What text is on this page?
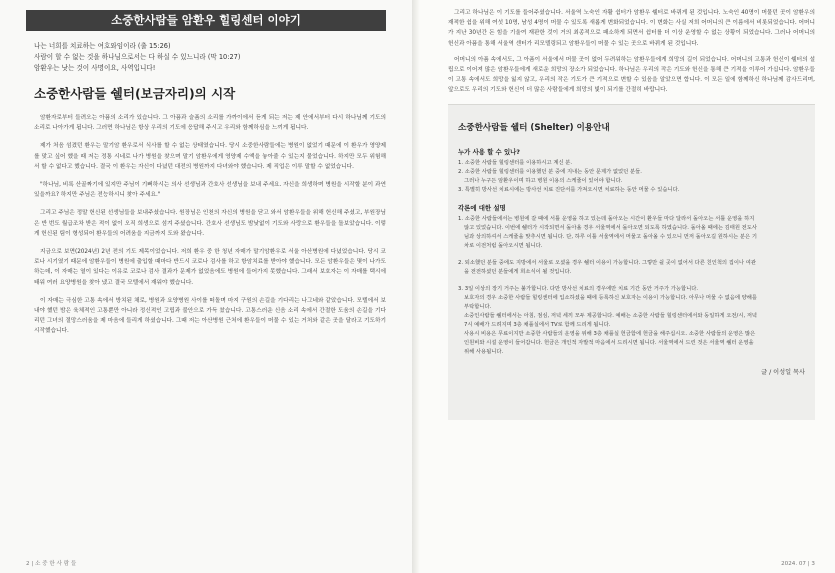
소중한사람들 암환우 힐링센터 이야기
나는 너희를 치료하는 여호와임이라 (출 15:26)
사람이 할 수 없는 것을 하나님으로서는 다 하실 수 있느니라 (막 10:27)
암환우는 낫는 것이 사명이요, 사역입니다!
소중한사람들 쉘터(보금자리)의 시작

암환자로부터 들려오는 아픔의 소리가 있습니다. 그 아픔과 슬픔의 소리를 가까이에서 듣게 되는 저는 제 안에서부터 다시 하나님께 기도의 소리로 나아가게 됩니다. 그러면 하나님은 항상 우리의 기도에 응답해 주시고 우리와 함께하심을 느끼게 됩니다.

제가 처음 섬겼던 환우는 말기암 환우로서 식사를 할 수 없는 상태였습니다. 당시 소중한사람들에는 병원이 없었기 때문에 이 환우가 영양제를 맞고 싶어 했을 때 저는 정통 시네로 나가 병원을 찾으며 말기 암환우에게 영양제 수액을 놓아줄 수 있는지 물었습니다. 하지만 모두 위험해서 할 수 없다고 했습니다. 결국 이 환우는 자신이 다녔던 대전의 병원까지 다녀와야 했습니다. 제 직업은 이루 말할 수 없었습니다.

"하나님, 비록 산골짜기에 있지만 주님이 기뻐하시는 의사 선생님과 간호사 선생님을 보내 주세요. 자신을 희생하며 병원을 시작할 분이 과연 있을까요? 하지만 주님은 전능하시니 찾아 주세요."

그리고 주님은 정말 헌신된 선생님들을 보내주셨습니다. 원장님은 인천의 자신의 병원을 닫고 와서 암환우들을 위해 헌신해 주셨고, 부원장님은 반 번도 월급조차 받은 적이 없이 오직 희생으로 섬겨 주셨습니다. 간호사 선생님도 밤낮없이 기도와 사랑으로 환우들을 돌보았습니다. 이렇게 헌신된 팀이 형성되어 환우들의 어려움을 지금까지 도와 왔습니다.

지금으로 보면(2024년) 2년 전의 기도 제목이었습니다. 저희 환우 중 한 청년 자매가 말기암환우로 서울 아산병원에 다녔었습니다. 당시 코로나 시기였기 때문에 암환우들이 병원에 출입할 때마다 반드시 코로나 검사를 하고 항암치료를 받아야 했습니다. 모든 암환우들은 몇이 나가도 하는데, 이 자매는 열이 있다는 이유로 코로나 검사 결과가 문제가 없었음에도 병원에 들어가지 못했습니다. 그래서 보호자는 이 자매를 택시에 태워 여러 요양병원을 찾아 냈고 결국 모텔에서 재워야 했습니다.

이 자매는 극심한 고통 속에서 방치된 채로, 병원과 요양병원 사이를 떠돌며 마지 구원의 손길을 기다리는 나그네와 같았습니다. 모텔에서 보내야 했던 밤은 육체적인 고통뿐만 아니라 정신적인 고립과 불안으로 가득 찼습니다. 고통스러운 신음 소리 속에서 간절한 도움의 손길을 기다리던 그녀의 절망스러움을 제 마음에 들리게 하셨습니다. 그때 저는 아산병원 근처에 환우들이 머물 수 있는 거처와 같은 곳을 달라고 기도하기 시작했습니다.

2 | 소 중 한 사 람 들

그리고 하나님은 이 기도를 들어주셨습니다. 서울역 노숙인 자활 쉼터가 암환우 쉘터로 바뀌게 된 것입니다. 노숙인 40명이 머물던 곳이 암환우의 재적한 쉼을 위해 여섯 10명, 남성 4명이 머물 수 있도록 새롭게 변화되었습니다. 이 변화는 사실 저희 어머니의 큰 이름에서 비롯되었습니다. 어머니가 지난 30년간 돈 힘을 기울여 재판한 것이 거의 최종적으로 패소하게 되면서 쉼터를 더 이상 운영할 수 없는 상황이 되었습니다. 그러나 어머니의 헌신과 아픔을 통해 서울역 센터가 리모델링되고 암환우들이 머물 수 있는 곳으로 바뀌게 된 것입니다.

어머니의 아픔 속에서도, 그 아픔이 서울에서 머물 곳이 없어 두려워하는 암환우들에게 희망의 길이 되었습니다. 어머니의 고통과 헌신이 쉘터의 설립으로 이어져 많은 암환우들에게 새로운 희망의 장소가 되었습니다. 하나님은 우리의 작은 기도와 헌신을 통해 큰 기적을 이루어 가십니다. 암환우들이 고통 속에서도 희망을 잃지 않고, 우리의 작은 기도가 큰 기적으로 변할 수 있음을 알았으면 합니다. 이 모든 일에 함께하신 하나님께 감사드리며, 앞으로도 우리의 기도와 헌신이 더 많은 사람들에게 희망의 빛이 되기를 간절히 바랍니다.

소중한사람들 쉘터 (Shelter) 이용안내
누가 사용 할 수 있나?

1. 소중한 사람들 힐링센터를 이용하시고 계신 분.

2. 소중한 사람들 힐링센터를 이용했던 분 중에 지내는 동안 문제가 없었던 분들.

그러나 누구든 암환우이며 하고 병원 이용의 스케줄이 있어야 합니다.

3. 특별히 방사선 치료시에는 방사선 치료 진단서를 가져오시면 치료하는 동안 머물 수 있습니다.

각론에 대한 설명

1. 소중한 사람들에서는 병원에 갈 때에 서틀 운영을 하고 있는데 돌아오는 시간이 환우들 마다 달라서 돌아오는 서틀 운영을 하지

않고 있었습니다. 이번에 쉘터가 시작되면서 돌아올 경우 서울역에서 돌아오면 되도록 하였습니다. 돌아올 때에는 김태원 전도사

님과 상의하셔서 스케줄을 맞추시면 됩니다. 단, 하루 이틀 서울역에서 머물고 돌아올 수 있으니 먼저 돌아오길 원하시는 분은 기

차로 이전처럼 돌아오시면 됩니다.

2. 퇴소했던 분들 중에도 지방에서 서울로 오셨을 경우 쉘터 이용이 가능합니다. 그렇만 쉴 곳이 없어서 다른 친인척의 집이나 여관

을 전전하셨던 분들에게 희소식이 될 것입니다.

3. 3일 이상의 장기 거주는 불가합니다. 다만 방사선 치료의 경우에만 치료 기간 동안 거주가 가능합니다.

보호자의 경우 소중한 사람들 힐링센터에 입소하셨을 때에 등록하신 보호자는 이용이 가능합니다. 아무나 머물 수 없음에 양해를

부탁합니다.

소중인사람들 쉘터에서는 아침, 점심, 저녁 세끼 모두 제공합니다. 예배는 소중한 사람들 힐링센터에서와 동일하게 오전/시, 저녁

7시 예배가 드려지며 3층 채플실에서 TV로 함께 드리게 됩니다.

사용시 비용은 무료이지만 소중한 사람들의 운영을 위해 3층 채플실 헌금함에 헌금을 해주십시오. 소중한 사람들의 운영은 많은

인원비와 시설 운영이 들어갑니다. 헌금은 개인적 자발적 마음에서 드리시면 됩니다. 서울역에서 드린 것은 서울역 쉘터 운영을

위해 사용됩니다.

글 / 이성일 목사
2024. 07 | 3
